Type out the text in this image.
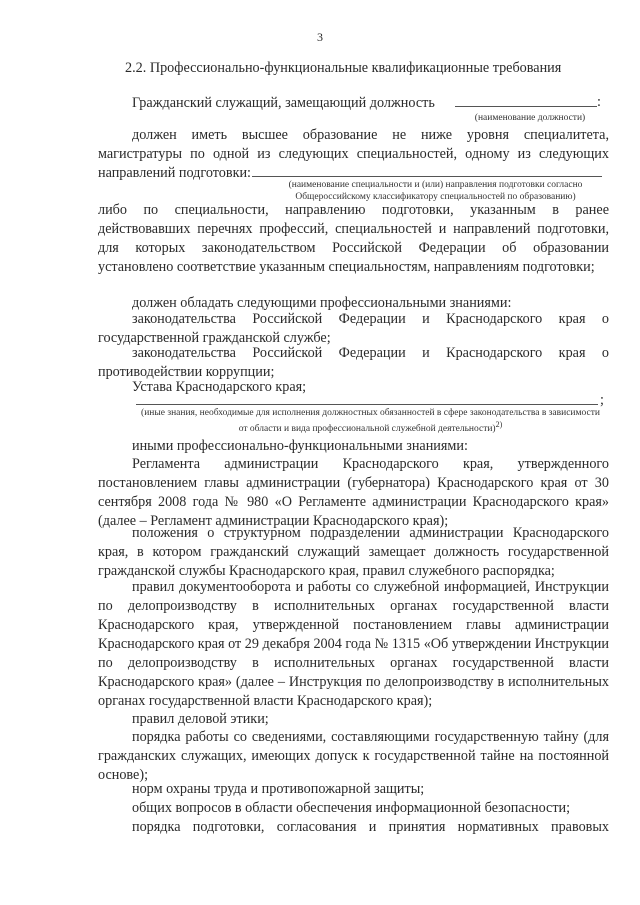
3
2.2. Профессионально-функциональные квалификационные требования
Гражданский служащий, замещающий должность	:
(наименование должности)

должен иметь высшее образование не ниже уровня специалитета, магистратуры по одной из следующих специальностей, одному из следующих направлений подготовки:

(наименование специальности и (или) направления подготовки согласно Общероссийскому классификатору специальностей по образованию)

либо по специальности, направлению подготовки, указанным в ранее действовавших перечнях профессий, специальностей и направлений подготовки, для которых законодательством Российской Федерации об образовании установлено соответствие указанным специальностям, направлениям подготовки;

должен обладать следующими профессиональными знаниями:

законодательства Российской Федерации и Краснодарского края о государственной гражданской службе;

законодательства Российской Федерации и Краснодарского края о противодействии коррупции;

Устава Краснодарского края;

;
(иные знания, необходимые для исполнения должностных обязанностей в сфере законодательства в зависимости от области и вида профессиональной служебной деятельности)$^{2)}$

иными профессионально-функциональными знаниями:

Регламента администрации Краснодарского края, утвержденного постановлением главы администрации (губернатора) Краснодарского края от 30 сентября 2008 года № 980 «О Регламенте администрации Краснодарского края» (далее – Регламент администрации Краснодарского края);

положения о структурном подразделении администрации Краснодарского края, в котором гражданский служащий замещает должность государственной гражданской службы Краснодарского края, правил служебного распорядка;

правил документооборота и работы со служебной информацией, Инструкции по делопроизводству в исполнительных органах государственной власти Краснодарского края, утвержденной постановлением главы администрации Краснодарского края от 29 декабря 2004 года № 1315 «Об утверждении Инструкции по делопроизводству в исполнительных органах государственной власти Краснодарского края» (далее – Инструкция по делопроизводству в исполнительных органах государственной власти Краснодарского края);

правил деловой этики;

порядка работы со сведениями, составляющими государственную тайну (для гражданских служащих, имеющих допуск к государственной тайне на постоянной основе);

норм охраны труда и противопожарной защиты;

общих вопросов в области обеспечения информационной безопасности;

порядка подготовки, согласования и принятия нормативных правовых
